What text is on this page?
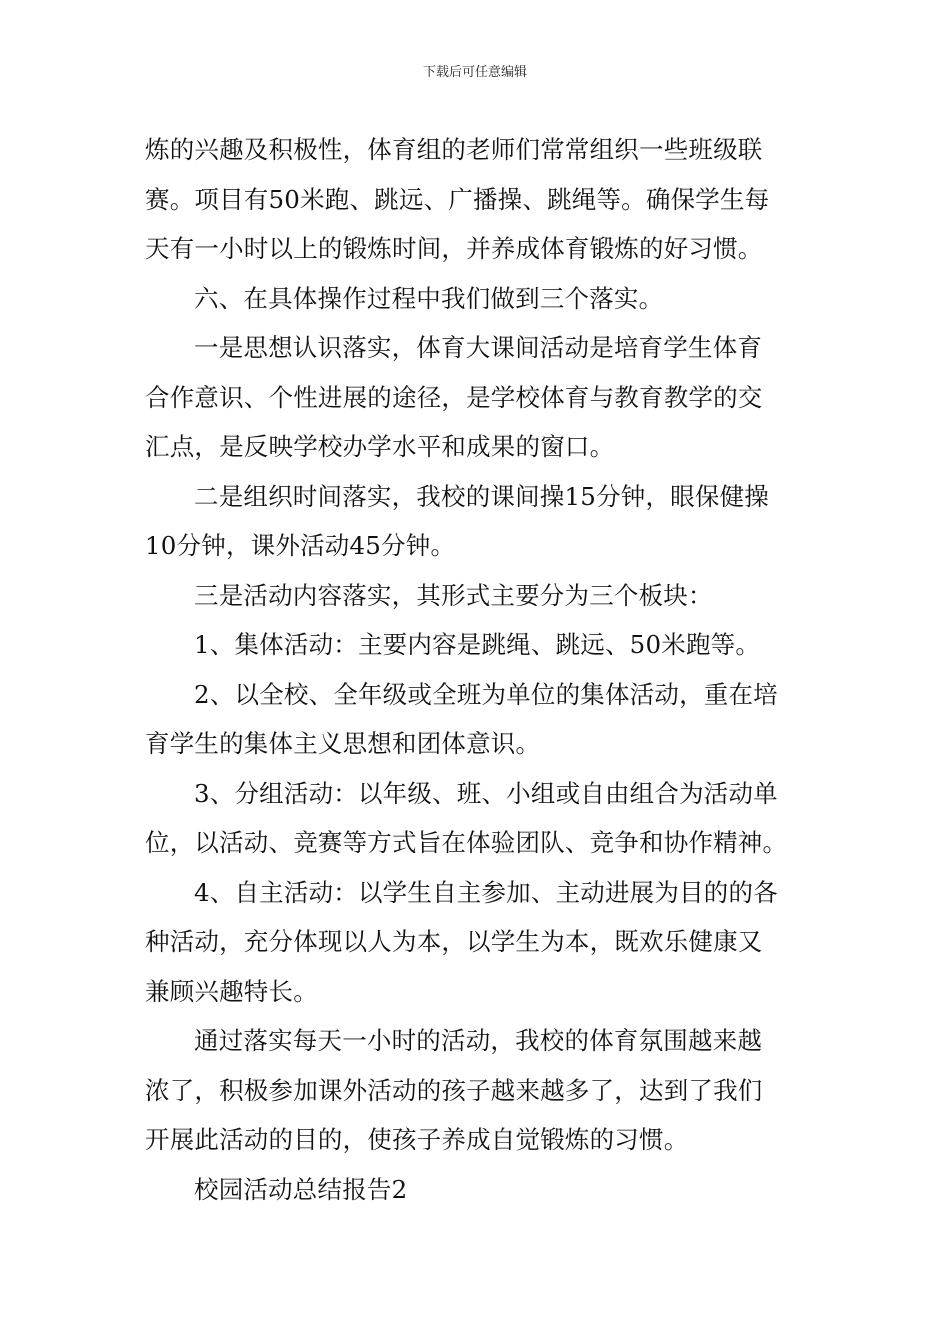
下载后可任意编辑
炼的兴趣及积极性，体育组的老师们常常组织一些班级联
赛。项目有50米跑、跳远、广播操、跳绳等。确保学生每
天有一小时以上的锻炼时间，并养成体育锻炼的好习惯。
六、在具体操作过程中我们做到三个落实。
一是思想认识落实，体育大课间活动是培育学生体育
合作意识、个性进展的途径，是学校体育与教育教学的交
汇点，是反映学校办学水平和成果的窗口。
二是组织时间落实，我校的课间操15分钟，眼保健操
10分钟，课外活动45分钟。
三是活动内容落实，其形式主要分为三个板块：
1、集体活动：主要内容是跳绳、跳远、50米跑等。
2、以全校、全年级或全班为单位的集体活动，重在培
育学生的集体主义思想和团体意识。
3、分组活动：以年级、班、小组或自由组合为活动单
位，以活动、竞赛等方式旨在体验团队、竞争和协作精神。
4、自主活动：以学生自主参加、主动进展为目的的各
种活动，充分体现以人为本，以学生为本，既欢乐健康又
兼顾兴趣特长。
通过落实每天一小时的活动，我校的体育氛围越来越
浓了，积极参加课外活动的孩子越来越多了，达到了我们
开展此活动的目的，使孩子养成自觉锻炼的习惯。
校园活动总结报告2
